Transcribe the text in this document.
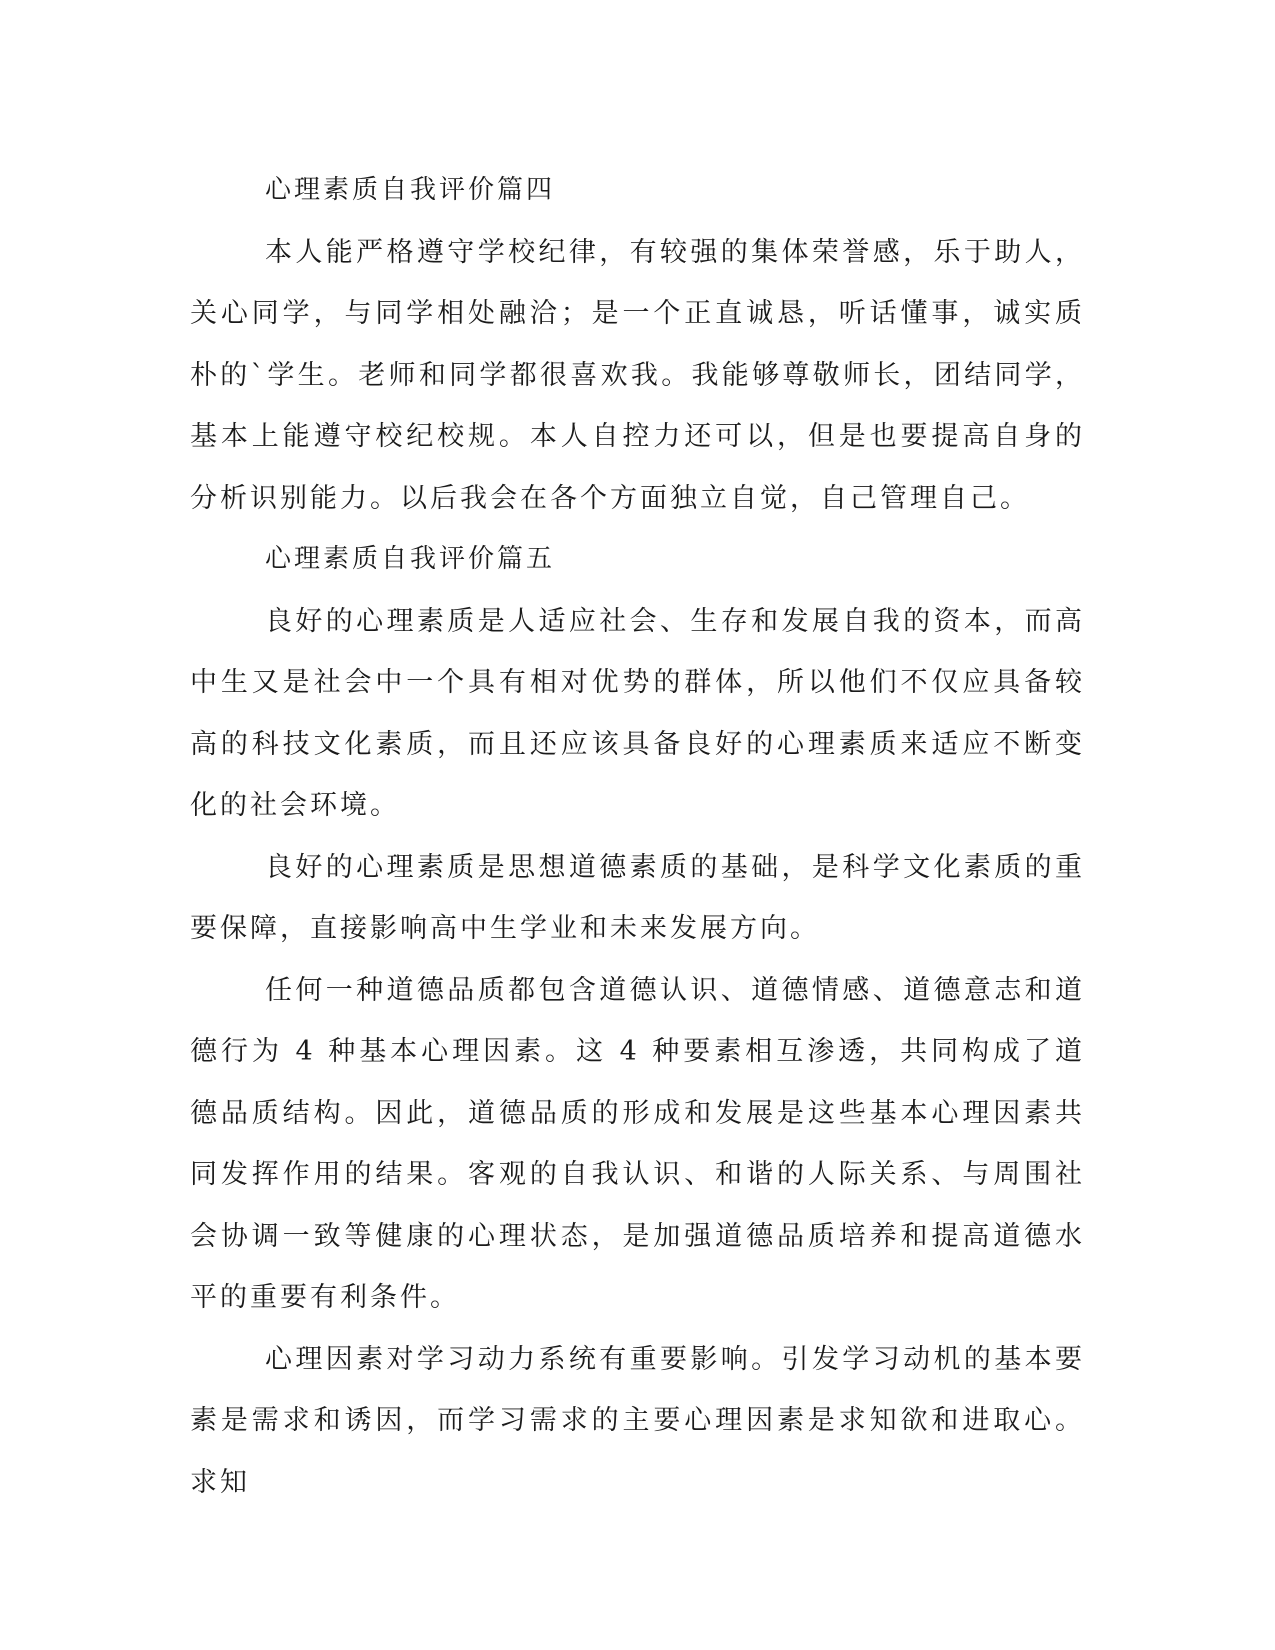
心理素质自我评价篇四

本人能严格遵守学校纪律，有较强的集体荣誉感，乐于助人，关心同学，与同学相处融洽；是一个正直诚恳，听话懂事，诚实质朴的`学生。老师和同学都很喜欢我。我能够尊敬师长，团结同学，基本上能遵守校纪校规。本人自控力还可以，但是也要提高自身的分析识别能力。以后我会在各个方面独立自觉，自己管理自己。

心理素质自我评价篇五

良好的心理素质是人适应社会、生存和发展自我的资本，而高中生又是社会中一个具有相对优势的群体，所以他们不仅应具备较高的科技文化素质，而且还应该具备良好的心理素质来适应不断变化的社会环境。

良好的心理素质是思想道德素质的基础，是科学文化素质的重要保障，直接影响高中生学业和未来发展方向。

任何一种道德品质都包含道德认识、道德情感、道德意志和道德行为 4 种基本心理因素。这 4 种要素相互渗透，共同构成了道德品质结构。因此，道德品质的形成和发展是这些基本心理因素共同发挥作用的结果。客观的自我认识、和谐的人际关系、与周围社会协调一致等健康的心理状态，是加强道德品质培养和提高道德水平的重要有利条件。

心理因素对学习动力系统有重要影响。引发学习动机的基本要素是需求和诱因，而学习需求的主要心理因素是求知欲和进取心。求知
